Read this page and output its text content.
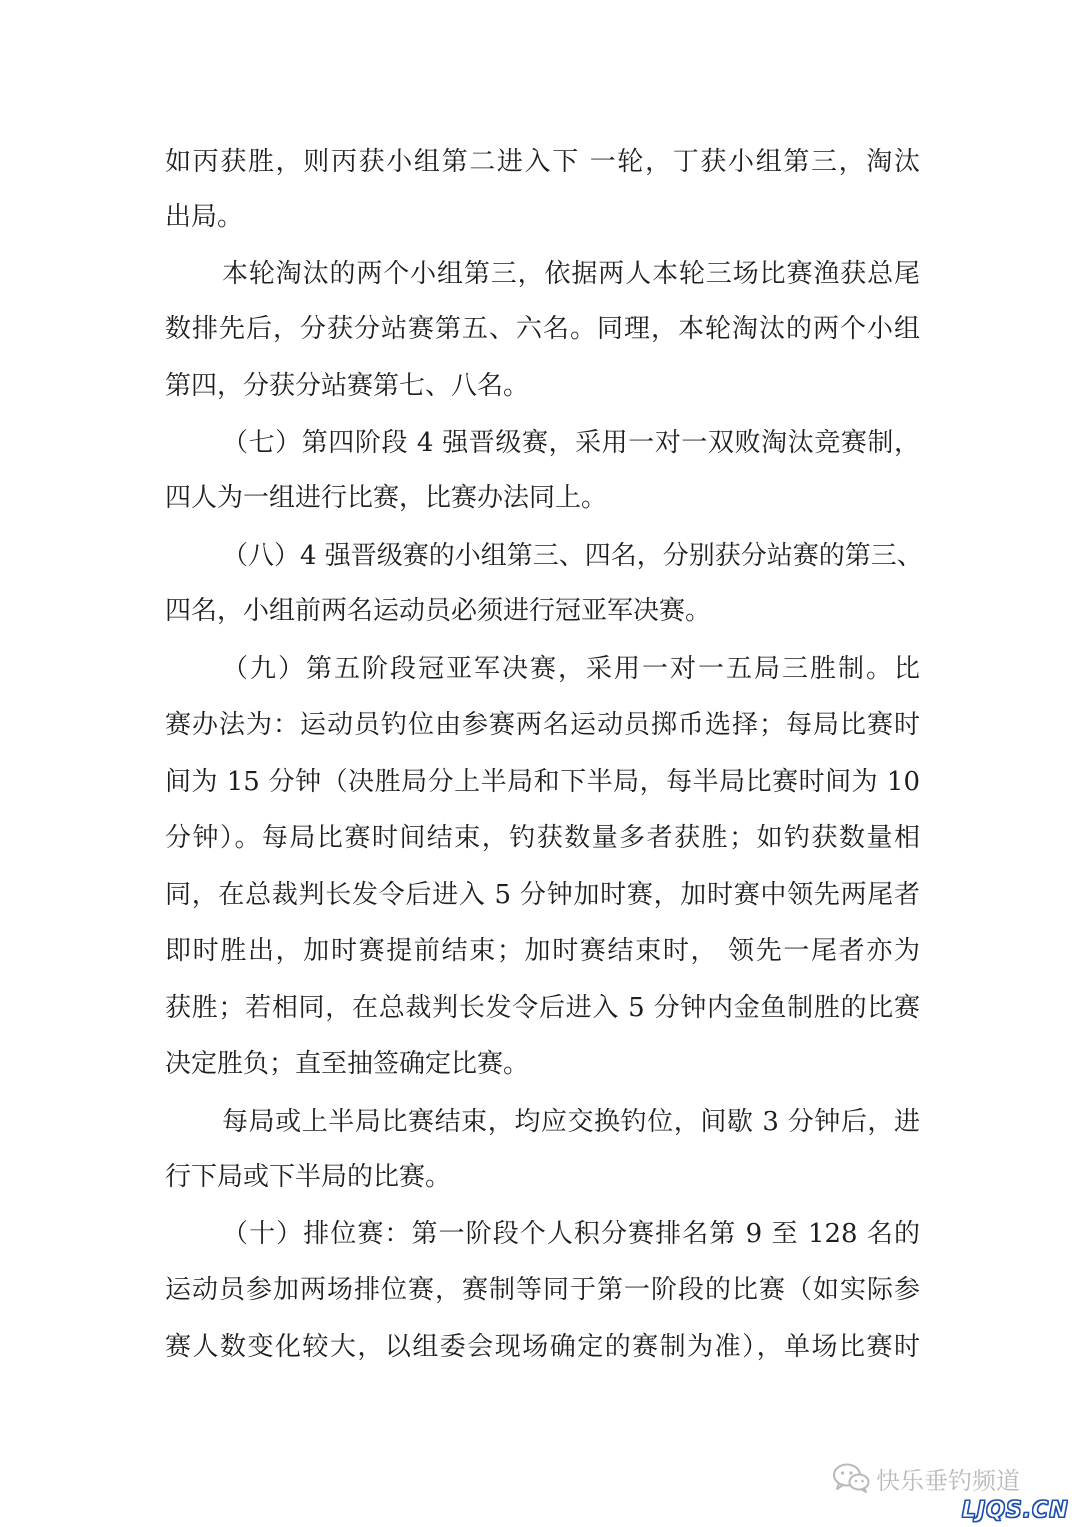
如丙获胜，则丙获小组第二进入下 一轮，丁获小组第三，淘汰
出局。
本轮淘汰的两个小组第三，依据两人本轮三场比赛渔获总尾
数排先后，分获分站赛第五、六名。同理，本轮淘汰的两个小组
第四，分获分站赛第七、八名。
（七）第四阶段 4 强晋级赛，采用一对一双败淘汰竞赛制，
四人为一组进行比赛，比赛办法同上。
（八）4 强晋级赛的小组第三、四名，分别获分站赛的第三、
四名，小组前两名运动员必须进行冠亚军决赛。
（九）第五阶段冠亚军决赛，采用一对一五局三胜制。比
赛办法为：运动员钓位由参赛两名运动员掷币选择；每局比赛时
间为 15 分钟（决胜局分上半局和下半局，每半局比赛时间为 10
分钟）。每局比赛时间结束，钓获数量多者获胜；如钓获数量相
同，在总裁判长发令后进入 5 分钟加时赛，加时赛中领先两尾者
即时胜出，加时赛提前结束；加时赛结束时， 领先一尾者亦为
获胜；若相同，在总裁判长发令后进入 5 分钟内金鱼制胜的比赛
决定胜负；直至抽签确定比赛。
每局或上半局比赛结束，均应交换钓位，间歇 3 分钟后，进
行下局或下半局的比赛。
（十）排位赛：第一阶段个人积分赛排名第 9 至 128 名的
运动员参加两场排位赛，赛制等同于第一阶段的比赛（如实际参
赛人数变化较大，以组委会现场确定的赛制为准），单场比赛时
快乐垂钓频道
LJQS.CN
